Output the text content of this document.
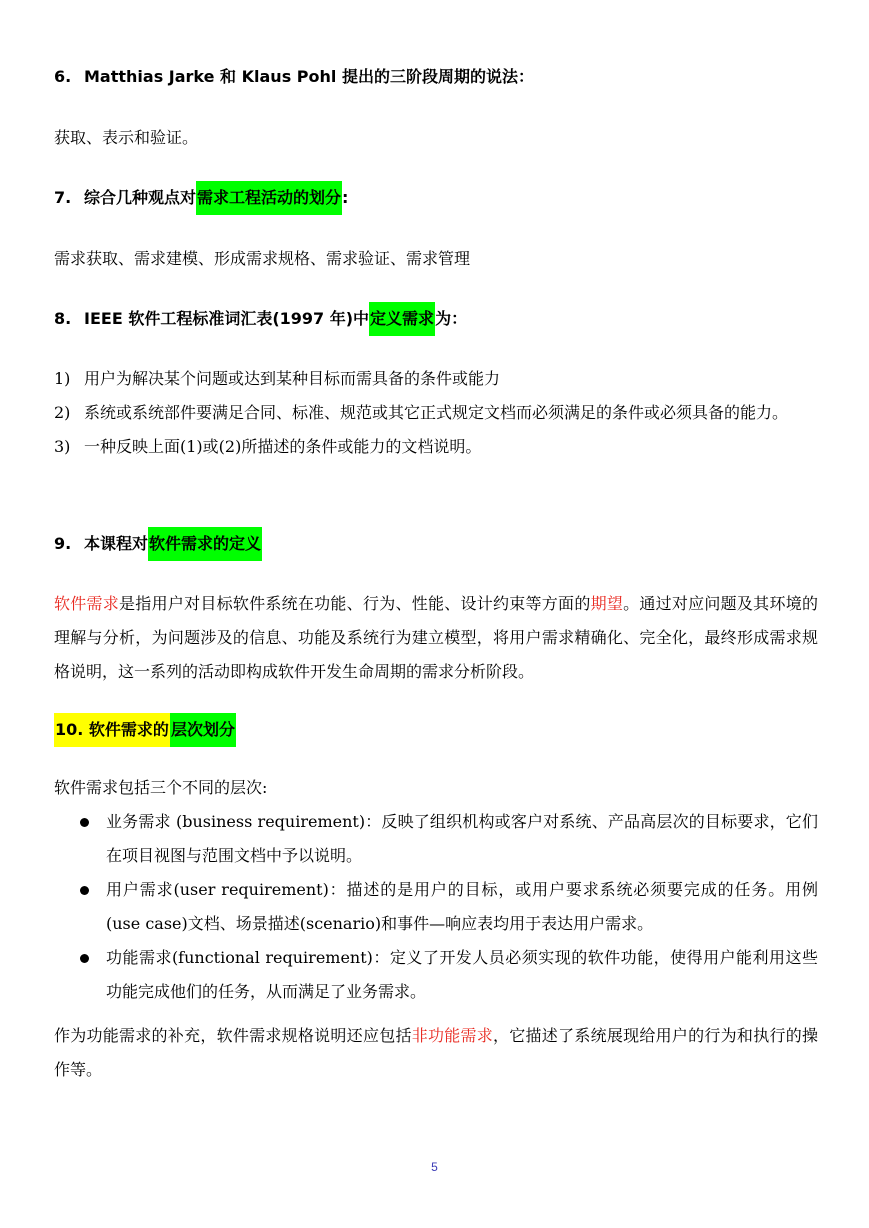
6. Matthias Jarke 和 Klaus Pohl 提出的三阶段周期的说法：
获取、表示和验证。
7. 综合几种观点对需求工程活动的划分:
需求获取、需求建模、形成需求规格、需求验证、需求管理
8. IEEE 软件工程标准词汇表(1997 年)中定义需求为：
1) 用户为解决某个问题或达到某种目标而需具备的条件或能力
2) 系统或系统部件要满足合同、标准、规范或其它正式规定文档而必须满足的条件或必须具备的能力。
3) 一种反映上面(1)或(2)所描述的条件或能力的文档说明。
9. 本课程对软件需求的定义
软件需求是指用户对目标软件系统在功能、行为、性能、设计约束等方面的期望。通过对应问题及其环境的理解与分析，为问题涉及的信息、功能及系统行为建立模型，将用户需求精确化、完全化，最终形成需求规格说明，这一系列的活动即构成软件开发生命周期的需求分析阶段。
10. 软件需求的 层次划分
软件需求包括三个不同的层次:
业务需求 (business requirement)：反映了组织机构或客户对系统、产品高层次的目标要求，它们在项目视图与范围文档中予以说明。
用户需求(user requirement)：描述的是用户的目标，或用户要求系统必须要完成的任务。用例(use case)文档、场景描述(scenario)和事件—响应表均用于表达用户需求。
功能需求(functional requirement)：定义了开发人员必须实现的软件功能，使得用户能利用这些功能完成他们的任务，从而满足了业务需求。
作为功能需求的补充，软件需求规格说明还应包括非功能需求，它描述了系统展现给用户的行为和执行的操作等。
5
